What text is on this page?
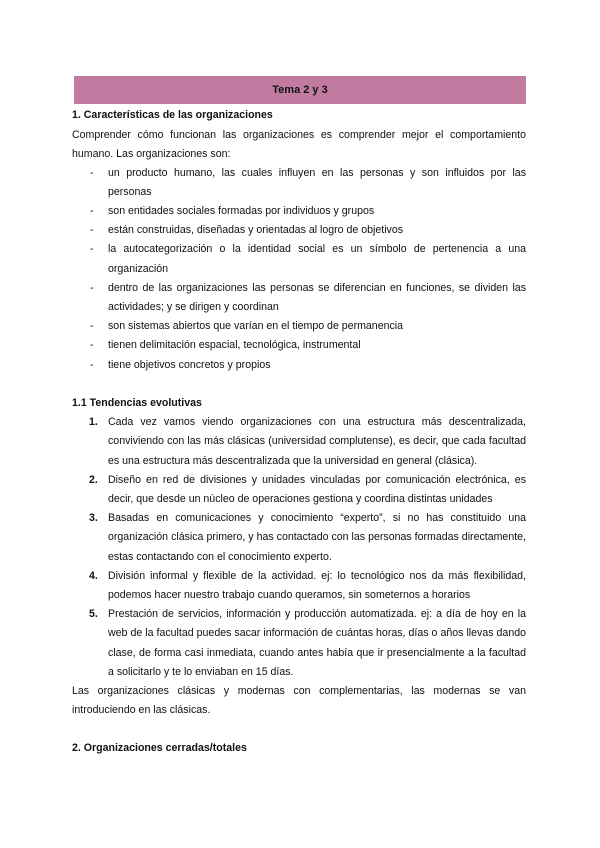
Tema 2 y 3

1. Características de las organizaciones

Comprender cómo funcionan las organizaciones es comprender mejor el comportamiento humano. Las organizaciones son:

- un producto humano, las cuales influyen en las personas y son influidos por las personas
- son entidades sociales formadas por individuos y grupos
- están construidas, diseñadas y orientadas al logro de objetivos
- la autocategorización o la identidad social es un símbolo de pertenencia a una organización
- dentro de las organizaciones las personas se diferencian en funciones, se dividen las actividades; y se dirigen y coordinan
- son sistemas abiertos que varían en el tiempo de permanencia
- tienen delimitación espacial, tecnológica, instrumental
- tiene objetivos concretos y propios

1.1 Tendencias evolutivas

1. Cada vez vamos viendo organizaciones con una estructura más descentralizada, conviviendo con las más clásicas (universidad complutense), es decir, que cada facultad es una estructura más descentralizada que la universidad en general (clásica).
2. Diseño en red de divisiones y unidades vinculadas por comunicación electrónica, es decir, que desde un núcleo de operaciones gestiona y coordina distintas unidades
3. Basadas en comunicaciones y conocimiento “experto”, si no has constituido una organización clásica primero, y has contactado con las personas formadas directamente, estas contactando con el conocimiento experto.
4. División informal y flexible de la actividad. ej: lo tecnológico nos da más flexibilidad, podemos hacer nuestro trabajo cuando queramos, sin someternos a horarios
5. Prestación de servicios, información y producción automatizada. ej: a día de hoy en la web de la facultad puedes sacar información de cuántas horas, días o años llevas dando clase, de forma casi inmediata, cuando antes había que ir presencialmente a la facultad a solicitarlo y te lo enviaban en 15 días.

Las organizaciones clásicas y modernas con complementarias, las modernas se van introduciendo en las clásicas.

2. Organizaciones cerradas/totales
